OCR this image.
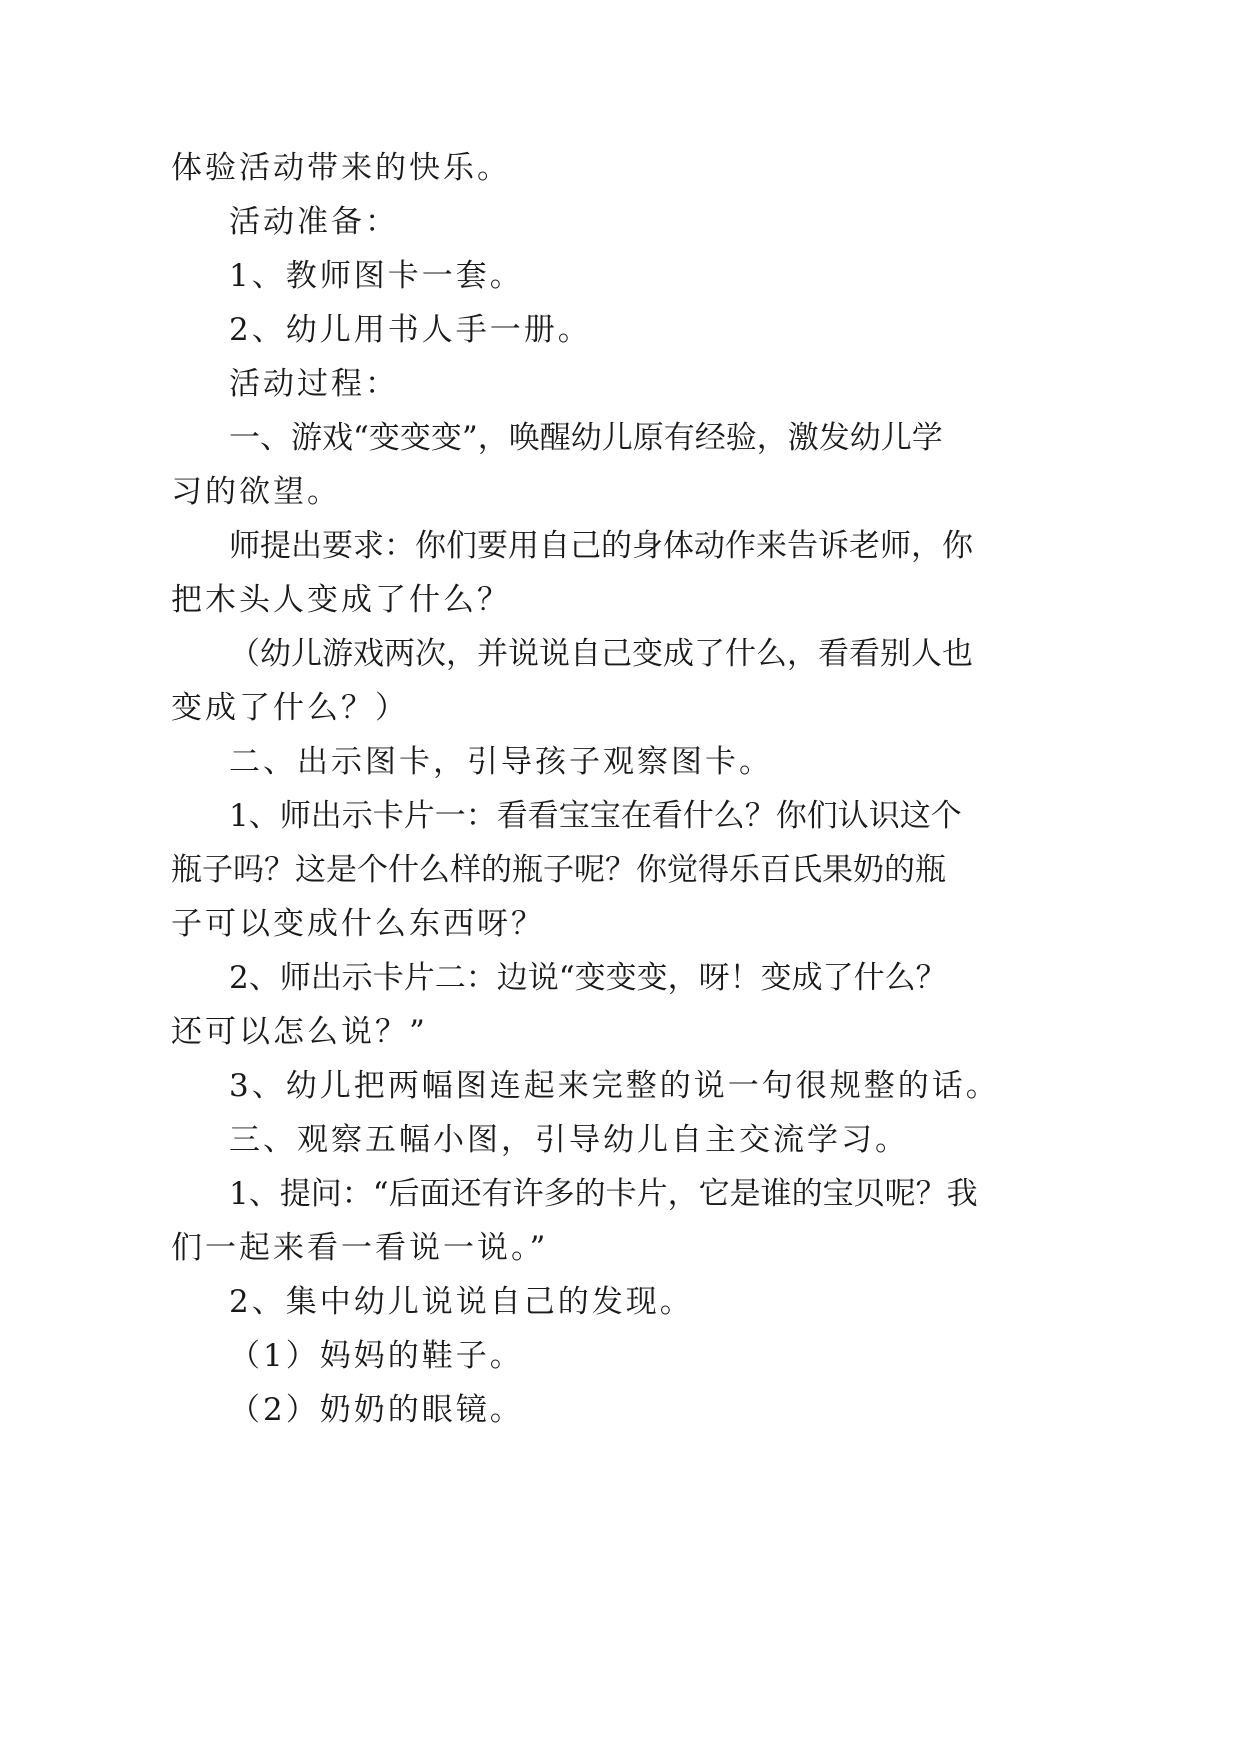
体验活动带来的快乐。
活动准备：
1、教师图卡一套。
2、幼儿用书人手一册。
活动过程：
一、游戏“变变变”，唤醒幼儿原有经验，激发幼儿学
习的欲望。
师提出要求：你们要用自己的身体动作来告诉老师，你
把木头人变成了什么？
（幼儿游戏两次，并说说自己变成了什么，看看别人也
变成了什么？）
二、出示图卡，引导孩子观察图卡。
1、师出示卡片一：看看宝宝在看什么？你们认识这个
瓶子吗？这是个什么样的瓶子呢？你觉得乐百氏果奶的瓶
子可以变成什么东西呀？
2、师出示卡片二：边说“变变变，呀！变成了什么？
还可以怎么说？”
3、幼儿把两幅图连起来完整的说一句很规整的话。
三、观察五幅小图，引导幼儿自主交流学习。
1、提问：“后面还有许多的卡片，它是谁的宝贝呢？我
们一起来看一看说一说。”
2、集中幼儿说说自己的发现。
（1）妈妈的鞋子。
（2）奶奶的眼镜。
